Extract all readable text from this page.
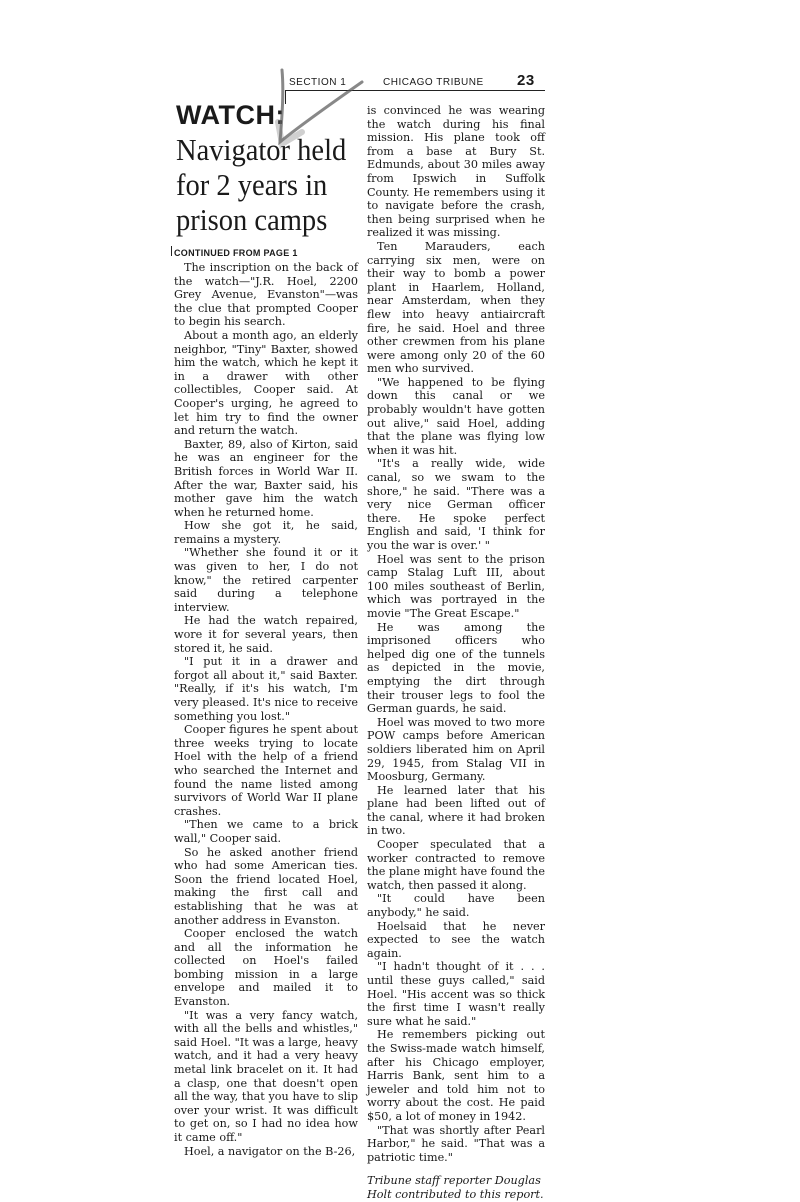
SECTION 1	CHICAGO TRIBUNE 23
WATCH:
Navigator held
for 2 years in
prison camps
CONTINUED FROM PAGE 1

The inscription on the back of the watch—"J.R. Hoel, 2200 Grey Avenue, Evanston"—was the clue that prompted Cooper to begin his search.

About a month ago, an elderly neighbor, "Tiny" Baxter, showed him the watch, which he kept it in a drawer with other collectibles, Cooper said. At Cooper's urging, he agreed to let him try to find the owner and return the watch.

Baxter, 89, also of Kirton, said he was an engineer for the British forces in World War II. After the war, Baxter said, his mother gave him the watch when he returned home.

How she got it, he said, remains a mystery.

"Whether she found it or it was given to her, I do not know," the retired carpenter said during a telephone interview.

He had the watch repaired, wore it for several years, then stored it, he said.

"I put it in a drawer and forgot all about it," said Baxter. "Really, if it's his watch, I'm very pleased. It's nice to receive something you lost."

Cooper figures he spent about three weeks trying to locate Hoel with the help of a friend who searched the Internet and found the name listed among survivors of World War II plane crashes.

"Then we came to a brick wall," Cooper said.

So he asked another friend who had some American ties. Soon the friend located Hoel, making the first call and establishing that he was at another address in Evanston.

Cooper enclosed the watch and all the information he collected on Hoel's failed bombing mission in a large envelope and mailed it to Evanston.

"It was a very fancy watch, with all the bells and whistles," said Hoel. "It was a large, heavy watch, and it had a very heavy metal link bracelet on it. It had a clasp, one that doesn't open all the way, that you have to slip over your wrist. It was difficult to get on, so I had no idea how it came off."

Hoel, a navigator on the B-26,

is convinced he was wearing the watch during his final mission. His plane took off from a base at Bury St. Edmunds, about 30 miles away from Ipswich in Suffolk County. He remembers using it to navigate before the crash, then being surprised when he realized it was missing.

Ten Marauders, each carrying six men, were on their way to bomb a power plant in Haarlem, Holland, near Amsterdam, when they flew into heavy antiaircraft fire, he said. Hoel and three other crewmen from his plane were among only 20 of the 60 men who survived.

"We happened to be flying down this canal or we probably wouldn't have gotten out alive," said Hoel, adding that the plane was flying low when it was hit.

"It's a really wide, wide canal, so we swam to the shore," he said. "There was a very nice German officer there. He spoke perfect English and said, 'I think for you the war is over.' "

Hoel was sent to the prison camp Stalag Luft III, about 100 miles southeast of Berlin, which was portrayed in the movie "The Great Escape."

He was among the imprisoned officers who helped dig one of the tunnels as depicted in the movie, emptying the dirt through their trouser legs to fool the German guards, he said.

Hoel was moved to two more POW camps before American soldiers liberated him on April 29, 1945, from Stalag VII in Moosburg, Germany.

He learned later that his plane had been lifted out of the canal, where it had broken in two.

Cooper speculated that a worker contracted to remove the plane might have found the watch, then passed it along.

"It could have been anybody," he said.

Hoelsaid that he never expected to see the watch again.

"I hadn't thought of it . . . until these guys called," said Hoel. "His accent was so thick the first time I wasn't really sure what he said."

He remembers picking out the Swiss-made watch himself, after his Chicago employer, Harris Bank, sent him to a jeweler and told him not to worry about the cost. He paid $50, a lot of money in 1942.

"That was shortly after Pearl Harbor," he said. "That was a patriotic time."

Tribune staff reporter Douglas Holt contributed to this report.
